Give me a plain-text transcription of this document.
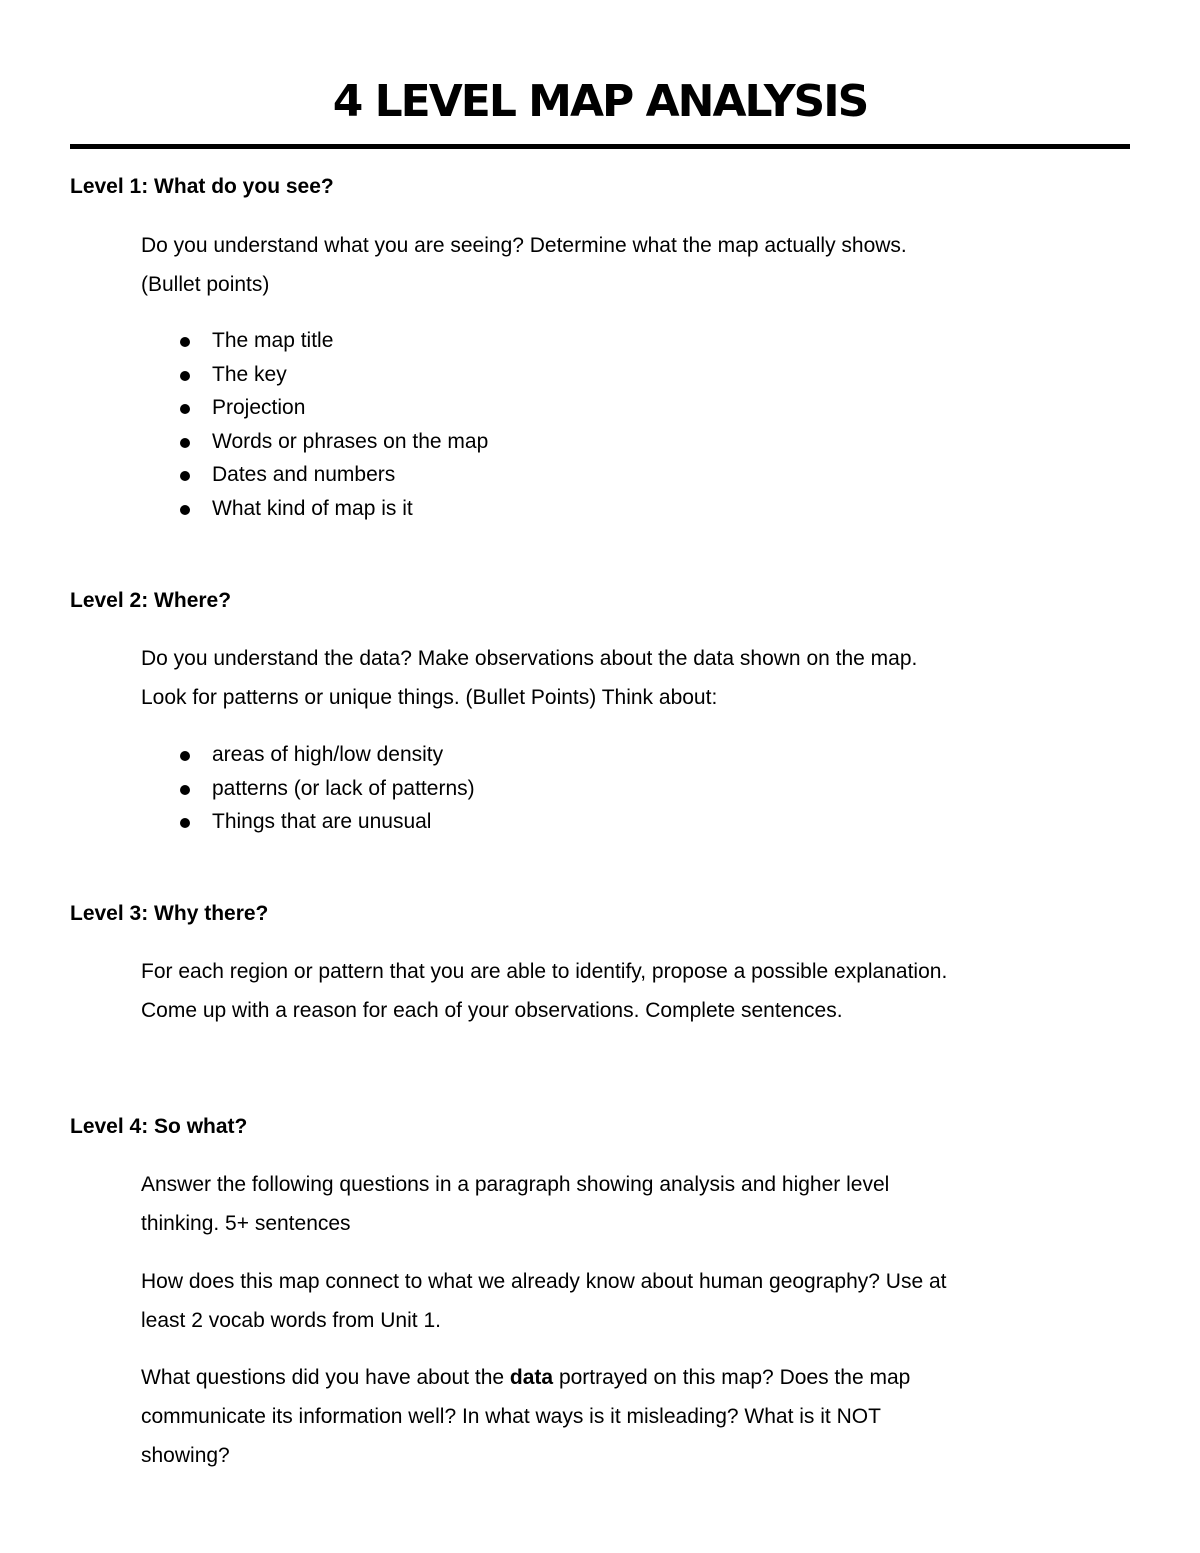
4 LEVEL MAP ANALYSIS
Level 1: What do you see?

Do you understand what you are seeing? Determine what the map actually shows.
(Bullet points)

The map title
The key
Projection
Words or phrases on the map
Dates and numbers
What kind of map is it
Level 2: Where?

Do you understand the data? Make observations about the data shown on the map.
Look for patterns or unique things. (Bullet Points) Think about:

areas of high/low density
patterns (or lack of patterns)
Things that are unusual
Level 3: Why there?

For each region or pattern that you are able to identify, propose a possible explanation.
Come up with a reason for each of your observations. Complete sentences.

Level 4: So what?

Answer the following questions in a paragraph showing analysis and higher level
thinking. 5+ sentences

How does this map connect to what we already know about human geography? Use at
least 2 vocab words from Unit 1.

What questions did you have about the data portrayed on this map? Does the map
communicate its information well? In what ways is it misleading? What is it NOT
showing?
